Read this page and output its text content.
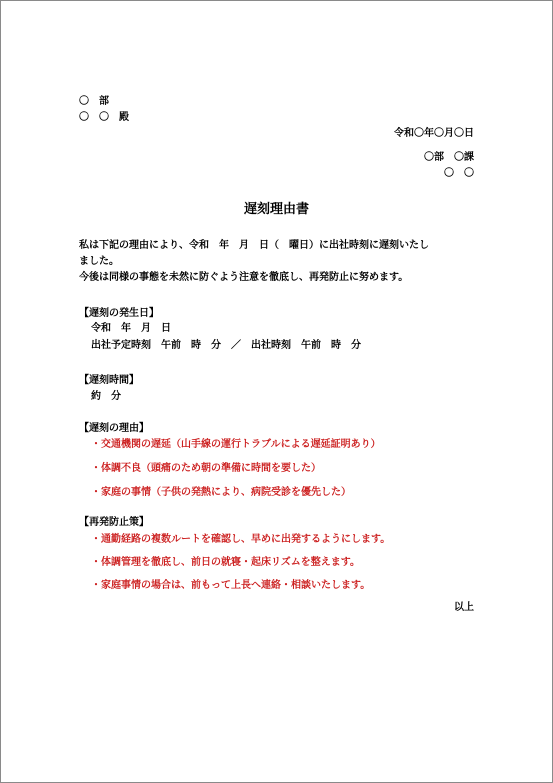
〇　部
〇　〇　殿
令和〇年〇月〇日
〇部　〇課
〇　〇
遅刻理由書
私は下記の理由により、令和　年　月　日（　曜日）に出社時刻に遅刻いたし
ました。
今後は同様の事態を未然に防ぐよう注意を徹底し、再発防止に努めます。
【遅刻の発生日】
令和　年　月　日
出社予定時刻　午前　時　分　／　出社時刻　午前　時　分
【遅刻時間】
約　分
【遅刻の理由】
・交通機関の遅延（山手線の運行トラブルによる遅延証明あり）
・体調不良（頭痛のため朝の準備に時間を要した）
・家庭の事情（子供の発熱により、病院受診を優先した）
【再発防止策】
・通勤経路の複数ルートを確認し、早めに出発するようにします。
・体調管理を徹底し、前日の就寝・起床リズムを整えます。
・家庭事情の場合は、前もって上長へ連絡・相談いたします。
以上
